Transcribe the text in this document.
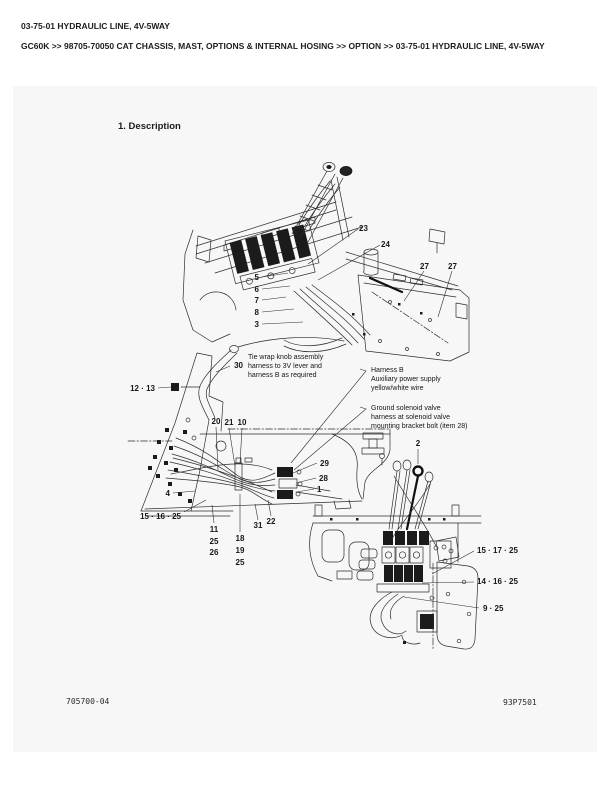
03-75-01 HYDRAULIC LINE, 4V-5WAY
GC60K >> 98705-70050 CAT CHASSIS, MAST, OPTIONS & INTERNAL HOSING >> OPTION >> 03-75-01 HYDRAULIC LINE, 4V-5WAY
1. Description
Tie wrap knob assembly
harness to 3V lever and
harness B as required
Harness B
Auxiliary power supply
yellow/white wire
Ground solenoid valve
harness at solenoid valve
mounting bracket bolt (item 28)
23
24
27 27
5
6
7
8
3
30
12 · 13
20 21 10
4
15 · 16 · 25
29
28
1
11
25
26
18
19
25
31 22
2
15 · 17 · 25
14 · 16 · 25
9 · 25
705700-04	93P7501
